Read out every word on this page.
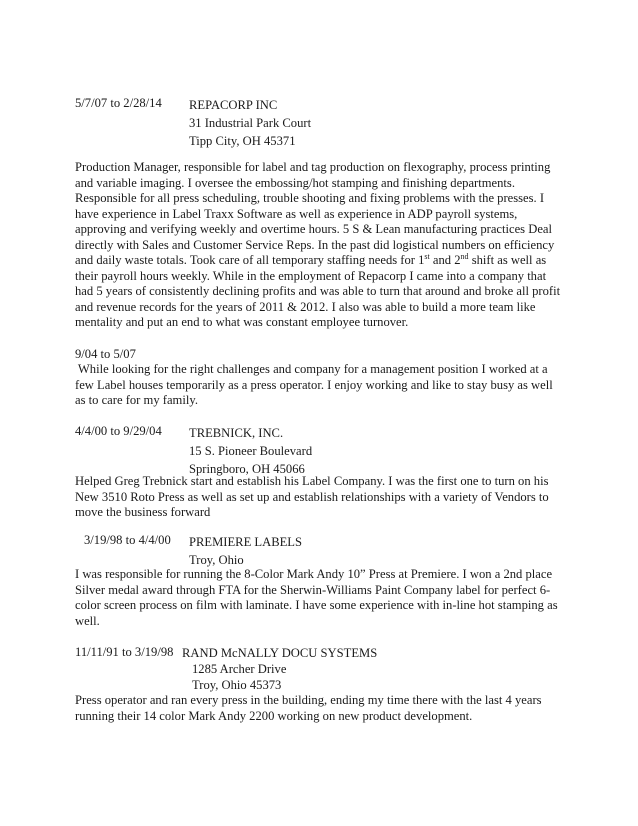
5/7/07 to 2/28/14 REPACORP INC
31 Industrial Park Court
Tipp City, OH 45371
Production Manager, responsible for label and tag production on flexography, process printing
and variable imaging. I oversee the embossing/hot stamping and finishing departments.
Responsible for all press scheduling, trouble shooting and fixing problems with the presses. I
have experience in Label Traxx Software as well as experience in ADP payroll systems,
approving and verifying weekly and overtime hours. 5 S & Lean manufacturing practices Deal
directly with Sales and Customer Service Reps. In the past did logistical numbers on efficiency
and daily waste totals. Took care of all temporary staffing needs for 1st and 2nd shift as well as
their payroll hours weekly. While in the employment of Repacorp I came into a company that
had 5 years of consistently declining profits and was able to turn that around and broke all profit
and revenue records for the years of 2011 & 2012. I also was able to build a more team like
mentality and put an end to what was constant employee turnover.
9/04 to 5/07
While looking for the right challenges and company for a management position I worked at a
few Label houses temporarily as a press operator. I enjoy working and like to stay busy as well
as to care for my family.
4/4/00 to 9/29/04 TREBNICK, INC.
15 S. Pioneer Boulevard
Springboro, OH 45066
Helped Greg Trebnick start and establish his Label Company. I was the first one to turn on his
New 3510 Roto Press as well as set up and establish relationships with a variety of Vendors to
move the business forward
3/19/98 to 4/4/00 PREMIERE LABELS
Troy, Ohio
I was responsible for running the 8-Color Mark Andy 10” Press at Premiere. I won a 2nd place
Silver medal award through FTA for the Sherwin-Williams Paint Company label for perfect 6-
color screen process on film with laminate. I have some experience with in-line hot stamping as
well.
11/11/91 to 3/19/98 RAND McNALLY DOCU SYSTEMS
1285 Archer Drive
Troy, Ohio 45373
Press operator and ran every press in the building, ending my time there with the last 4 years
running their 14 color Mark Andy 2200 working on new product development.
